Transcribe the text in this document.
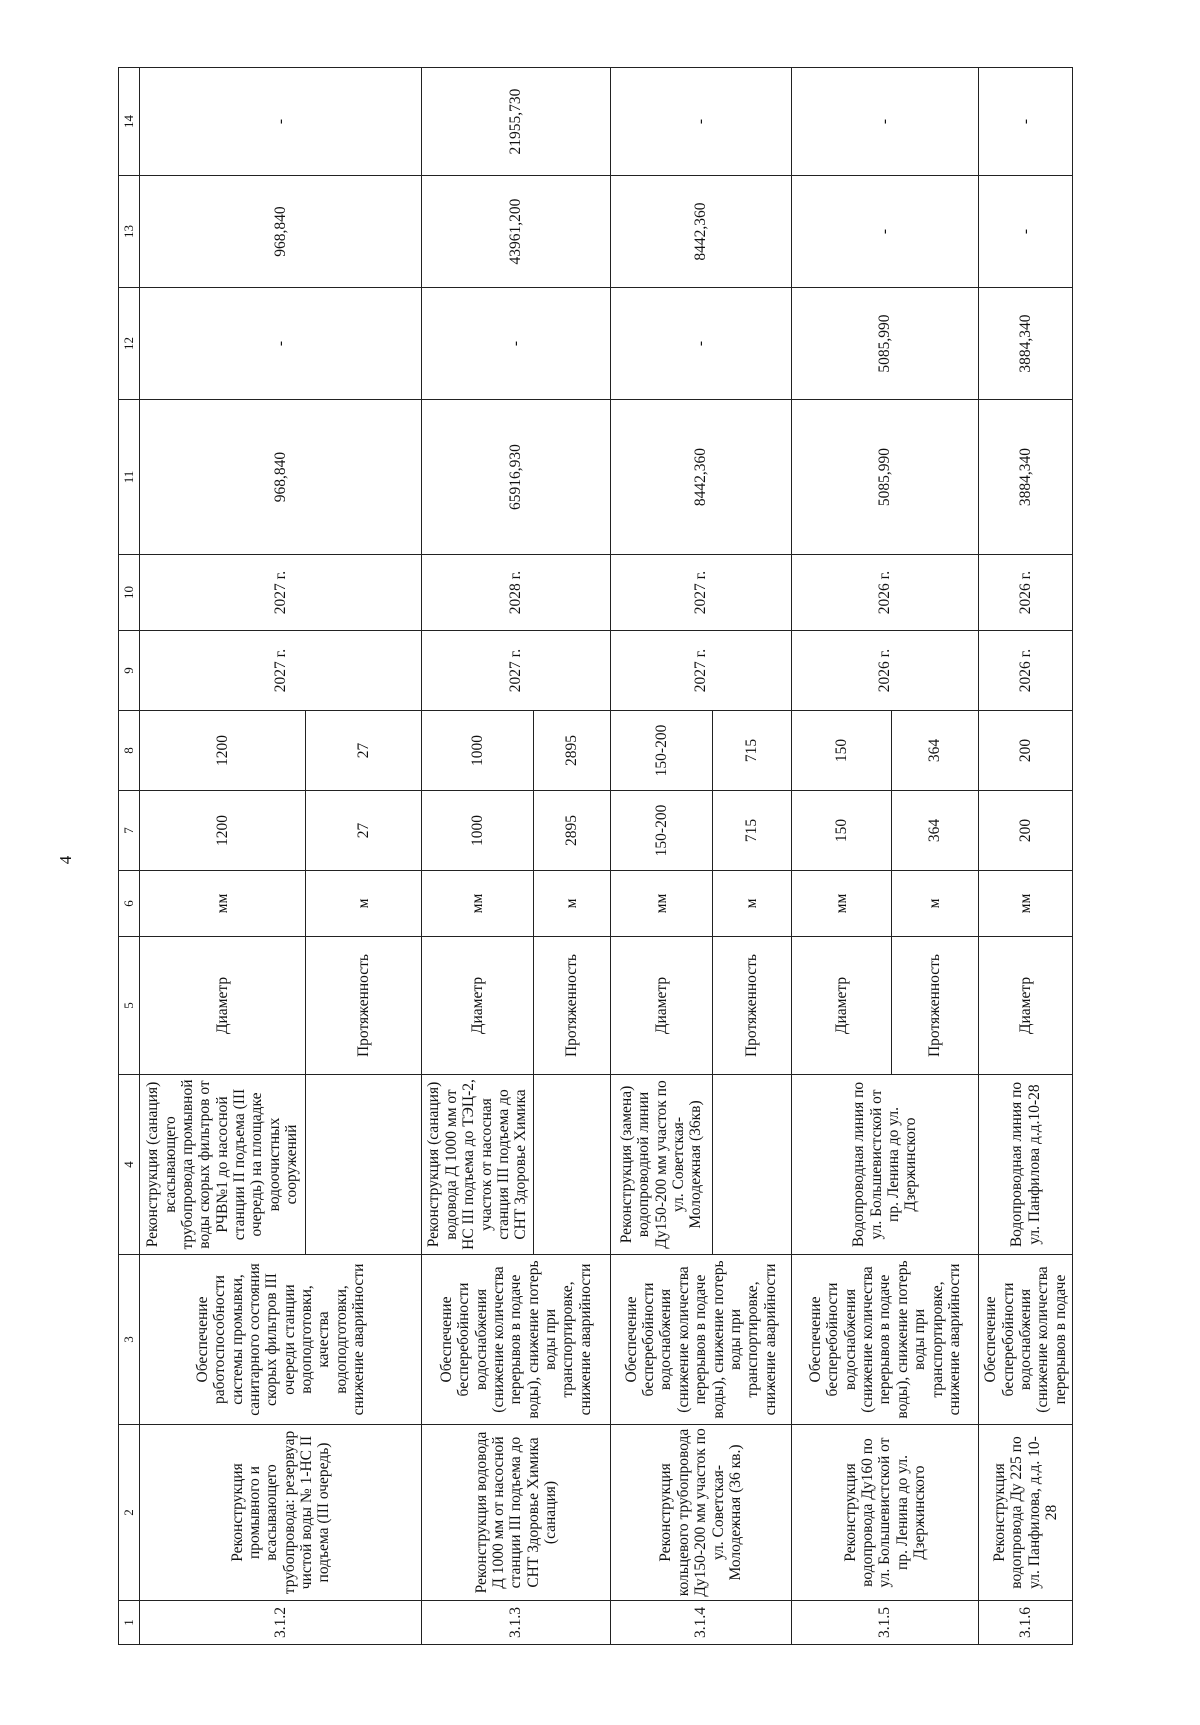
4
1	2	3	4	5	6	7	8	9	10	11	12	13	14
3.1.2	Реконструкция промывного и всасывающего трубопровода: резервуар чистой воды № 1-НС II подъема (III очередь)	Обеспечение работоспособности системы промывки, санитарного состояния скорых фильтров III очереди станции водоподготовки, качества водоподготовки, снижение аварийности	Реконструкция (санация) всасывающего трубопровода промывной воды скорых фильтров от РЧВ№1 до насосной станции II подъема (III очередь) на площадке водоочистных сооружений	Диаметр	мм	1200	1200	2027 г.	2027 г.	968,840	-	968,840	-
				Протяженность	м	27	27						
3.1.3	Реконструкция водовода Д 1000 мм от насосной станции III подъема до СНТ Здоровье Химика (санация)	Обеспечение бесперебойности водоснабжения (снижение количества перерывов в подаче воды), снижение потерь воды при транспортировке, снижение аварийности	Реконструкция (санация) водовода Д 1000 мм от НС III подъема до ТЭЦ-2, участок от насосная станция III подъема до СНТ Здоровье Химика	Диаметр	мм	1000	1000	2027 г.	2028 г.	65916,930	-	43961,200	21955,730
				Протяженность	м	2895	2895						
3.1.4	Реконструкция кольцевого трубопровода Ду150-200 мм участок по ул. Советская-Молодежная (36 кв.)	Обеспечение бесперебойности водоснабжения (снижение количества перерывов в подаче воды), снижение потерь воды при транспортировке, снижение аварийности	Реконструкция (замена) водопроводной линии Ду150-200 мм участок по ул. Советская-Молодежная (36кв)	Диаметр	мм	150-200	150-200	2027 г.	2027 г.	8442,360	-	8442,360	-
				Протяженность	м	715	715						
3.1.5	Реконструкция водопровода Ду160 по ул. Большевистской от пр. Ленина до ул. Дзержинского	Обеспечение бесперебойности водоснабжения (снижение количества перерывов в подаче воды), снижение потерь воды при транспортировке, снижение аварийности	Водопроводная линия по ул. Большевистской от пр. Ленина до ул. Дзержинского	Диаметр	мм	150	150	2026 г.	2026 г.	5085,990	5085,990	-	-
				Протяженность	м	364	364						
3.1.6	Реконструкция водопровода Ду 225 по ул. Панфилова, д.д. 10- 28	Обеспечение бесперебойности водоснабжения (снижение количества перерывов в подаче	Водопроводная линия по ул. Панфилова д.д.10-28	Диаметр	мм	200	200	2026 г.	2026 г.	3884,340	3884,340	-	-
